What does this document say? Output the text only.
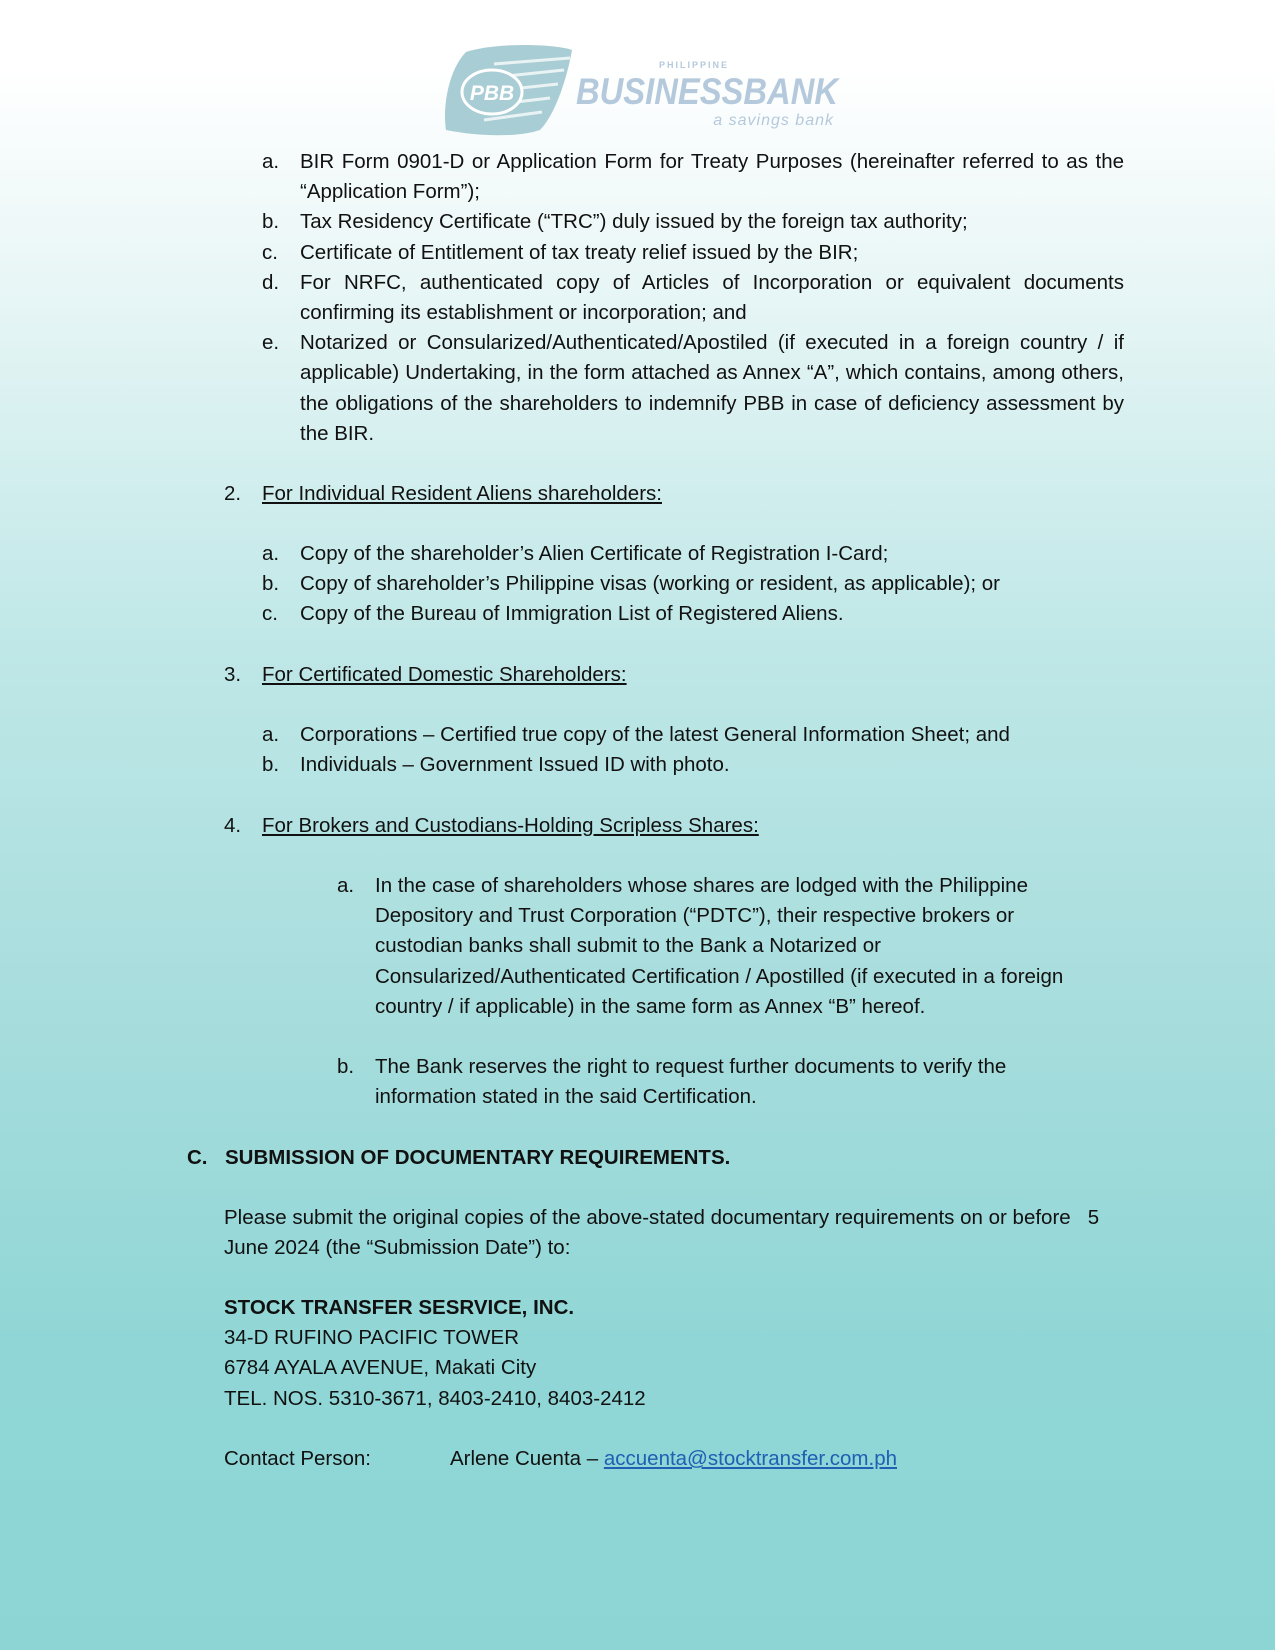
PBB
PHILIPPINE
BUSINESSBANK
a savings bank
a. BIR Form 0901-D or Application Form for Treaty Purposes (hereinafter referred to as the “Application Form”);
b. Tax Residency Certificate (“TRC”) duly issued by the foreign tax authority;
c. Certificate of Entitlement of tax treaty relief issued by the BIR;
d. For NRFC, authenticated copy of Articles of Incorporation or equivalent documents confirming its establishment or incorporation; and
e. Notarized or Consularized/Authenticated/Apostiled (if executed in a foreign country / if applicable) Undertaking, in the form attached as Annex “A”, which contains, among others, the obligations of the shareholders to indemnify PBB in case of deficiency assessment by the BIR.
2. For Individual Resident Aliens shareholders:
a. Copy of the shareholder’s Alien Certificate of Registration I-Card;
b. Copy of shareholder’s Philippine visas (working or resident, as applicable); or
c. Copy of the Bureau of Immigration List of Registered Aliens.
3. For Certificated Domestic Shareholders:
a. Corporations – Certified true copy of the latest General Information Sheet; and
b. Individuals – Government Issued ID with photo.
4. For Brokers and Custodians-Holding Scripless Shares:
a. In the case of shareholders whose shares are lodged with the Philippine
Depository and Trust Corporation (“PDTC”), their respective brokers or
custodian banks shall submit to the Bank a Notarized or
Consularized/Authenticated Certification / Apostilled (if executed in a foreign
country / if applicable) in the same form as Annex “B” hereof.
b. The Bank reserves the right to request further documents to verify the
information stated in the said Certification.
C. SUBMISSION OF DOCUMENTARY REQUIREMENTS.
Please submit the original copies of the above-stated documentary requirements on or before   5
June 2024 (the “Submission Date”) to:
STOCK TRANSFER SESRVICE, INC.
34-D RUFINO PACIFIC TOWER
6784 AYALA AVENUE, Makati City
TEL. NOS. 5310-3671, 8403-2410, 8403-2412
Contact Person:	Arlene Cuenta – accuenta@stocktransfer.com.ph
